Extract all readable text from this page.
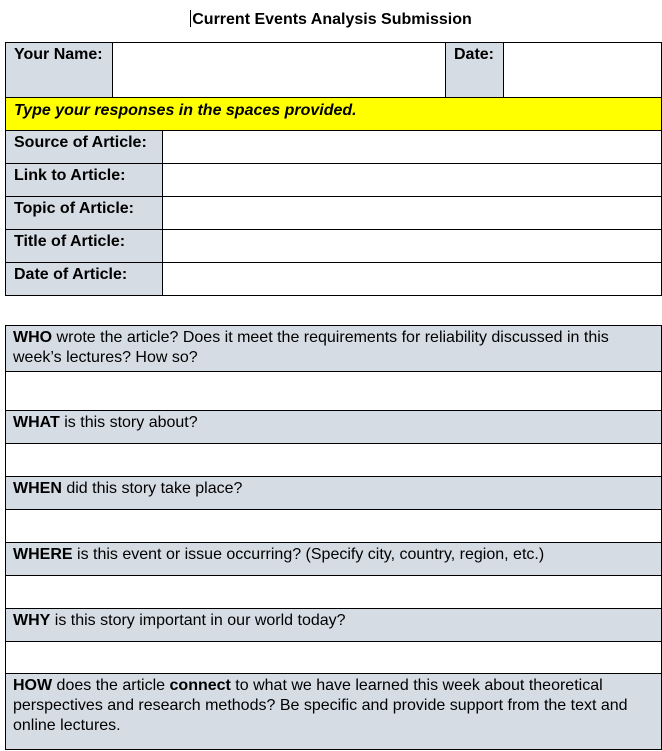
Current Events Analysis Submission
Your Name:			Date:	
Type your responses in the spaces provided.				
Source of Article:				
Link to Article:				
Topic of Article:				
Title of Article:				
Date of Article:				
WHO wrote the article? Does it meet the requirements for reliability discussed in this week’s lectures? How so?

WHAT is this story about?

WHEN did this story take place?

WHERE is this event or issue occurring? (Specify city, country, region, etc.)

WHY is this story important in our world today?

HOW does the article connect to what we have learned this week about theoretical perspectives and research methods? Be specific and provide support from the text and online lectures.
